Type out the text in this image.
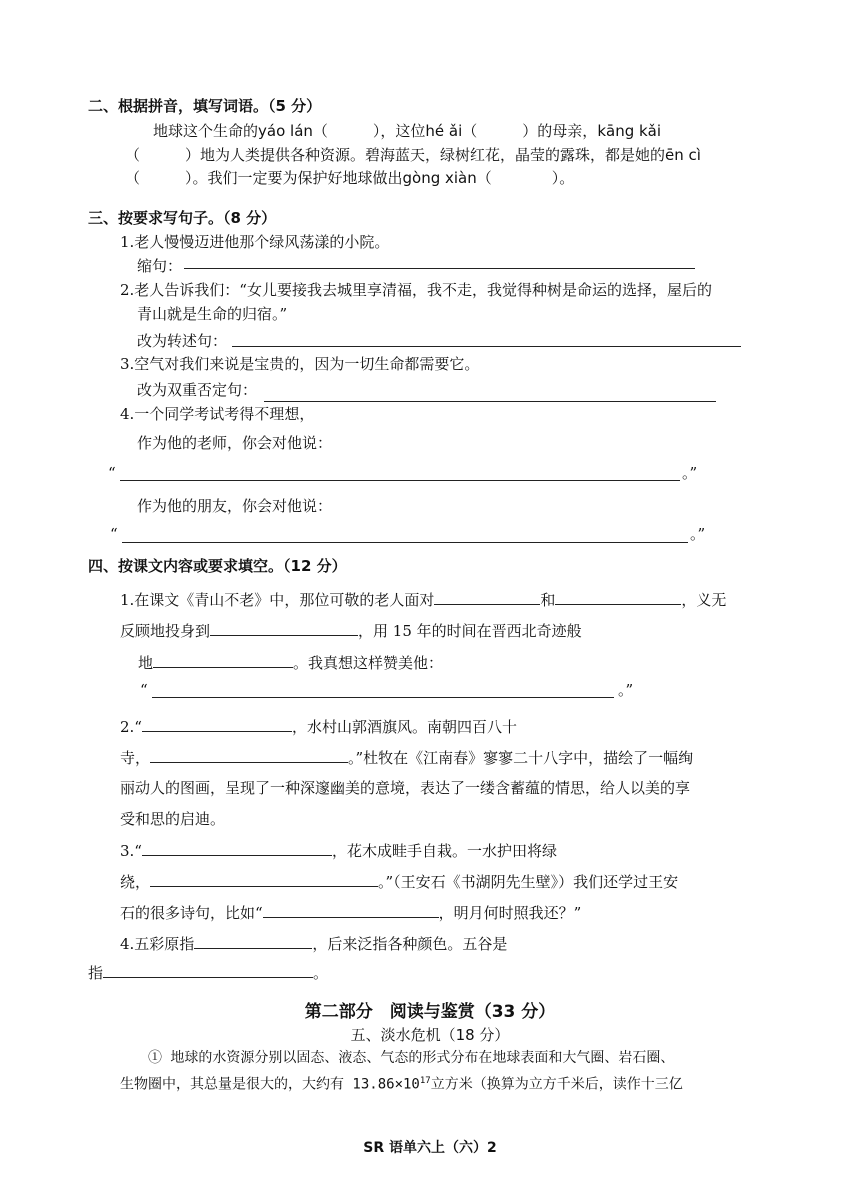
二、根据拼音，填写词语。（5 分）
地球这个生命的yáo lán（　　　），这位hé ǎi（　　　）的母亲，kāng kǎi
（　　　）地为人类提供各种资源。碧海蓝天，绿树红花，晶莹的露珠，都是她的ēn cì
（　　　）。我们一定要为保护好地球做出gòng xiàn（　　　　）。
三、按要求写句子。（8 分）
1.老人慢慢迈进他那个绿风荡漾的小院。
缩句：
2.老人告诉我们：“女儿要接我去城里享清福，我不走，我觉得种树是命运的选择，屋后的
青山就是生命的归宿。”
改为转述句：
3.空气对我们来说是宝贵的，因为一切生命都需要它。
改为双重否定句：
4.一个同学考试考得不理想，
作为他的老师，你会对他说：
“	。”
作为他的朋友，你会对他说：
“	。”
四、按课文内容或要求填空。（12 分）
1.在课文《青山不老》中，那位可敬的老人面对	和	，义无
反顾地投身到	，用 15 年的时间在晋西北奇迹般
地	。我真想这样赞美他：
“	。”
2.“	，水村山郭酒旗风。南朝四百八十
寺，	。”杜牧在《江南春》寥寥二十八字中，描绘了一幅绚
丽动人的图画，呈现了一种深邃幽美的意境，表达了一缕含蓄蕴的情思，给人以美的享
受和思的启迪。
3.“	，花木成畦手自栽。一水护田将绿
绕，	。”（王安石《书湖阴先生壁》）我们还学过王安
石的很多诗句，比如“	，明月何时照我还？”
4.五彩原指	，后来泛指各种颜色。五谷是
指	。
第二部分　阅读与鉴赏（33 分）
五、淡水危机（18 分）
① 地球的水资源分别以固态、液态、气态的形式分布在地球表面和大气圈、岩石圈、
生物圈中，其总量是很大的，大约有 $13.86\times 10^{17}$立方米（换算为立方千米后，读作十三亿
SR 语单六上（六）2
